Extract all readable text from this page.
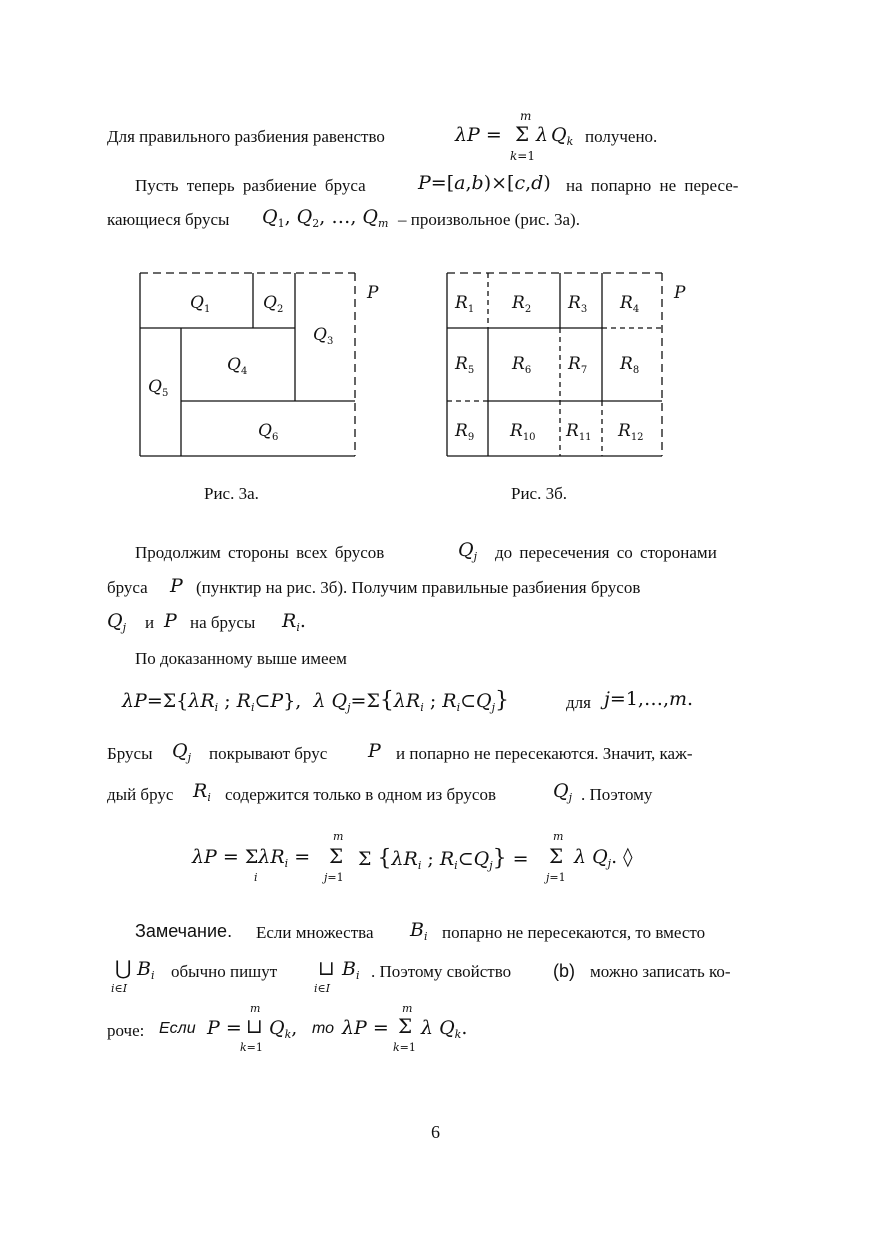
Для правильного разбиения равенство	λP =
m
Σ
k=1
λ $Q_k$ получено.
Пусть теперь разбиение бруса	P=[a,b)×[c,d) на попарно не пересе-
кающиеся брусы $Q_1$, $Q_2$, …, $Q_m$ – произвольное (рис. 3а).
P
$Q_1$	$Q_2$
$Q_3$
$Q_4$
$Q_5$
$Q_6$
P
$R_1$ $R_2$ $R_3$ $R_4$
$R_5$ $R_6$ $R_7$ $R_8$
$R_9$ $R_{10}$ $R_{11}$ $R_{12}$
Рис. 3а.	Рис. 3б.
Продолжим стороны всех брусов	$Q_j$ до пересечения со сторонами
бруса P (пунктир на рис. 3б). Получим правильные разбиения брусов
$Q_j$ и P на брусы $R_i$.
По доказанному выше имеем
$\lambda P=\Sigma\{\lambda R_i$ ; $R_i\subset P$},  λ $Q_j=\Sigma\{\lambda R_i$ ; $R_i\subset Q_j$}	для j=1,…,m.
Брусы $Q_j$ покрывают брус P и попарно не пересекаются. Значит, каж-
дый брус $R_i$ содержится только в одном из брусов	$Q_j$ . Поэтому
λP = ΣλR$_i$ =
i
m
Σ
j=1
Σ {$\lambda R_i$ ; $R_i\subset Q_j$} =
m
Σ
j=1
λ $Q_j$. ◊
Замечание. Если множества $B_i$ попарно не пересекаются, то вместо
⋃ $B_i$
i∈I
обычно пишут ⊔ $B_i$
i∈I
. Поэтому свойство (b) можно записать ко-
роче: Если P =
m
⊔
k=1
$Q_k$, то λP =
m
Σ
k=1
λ $Q_k$.
6
